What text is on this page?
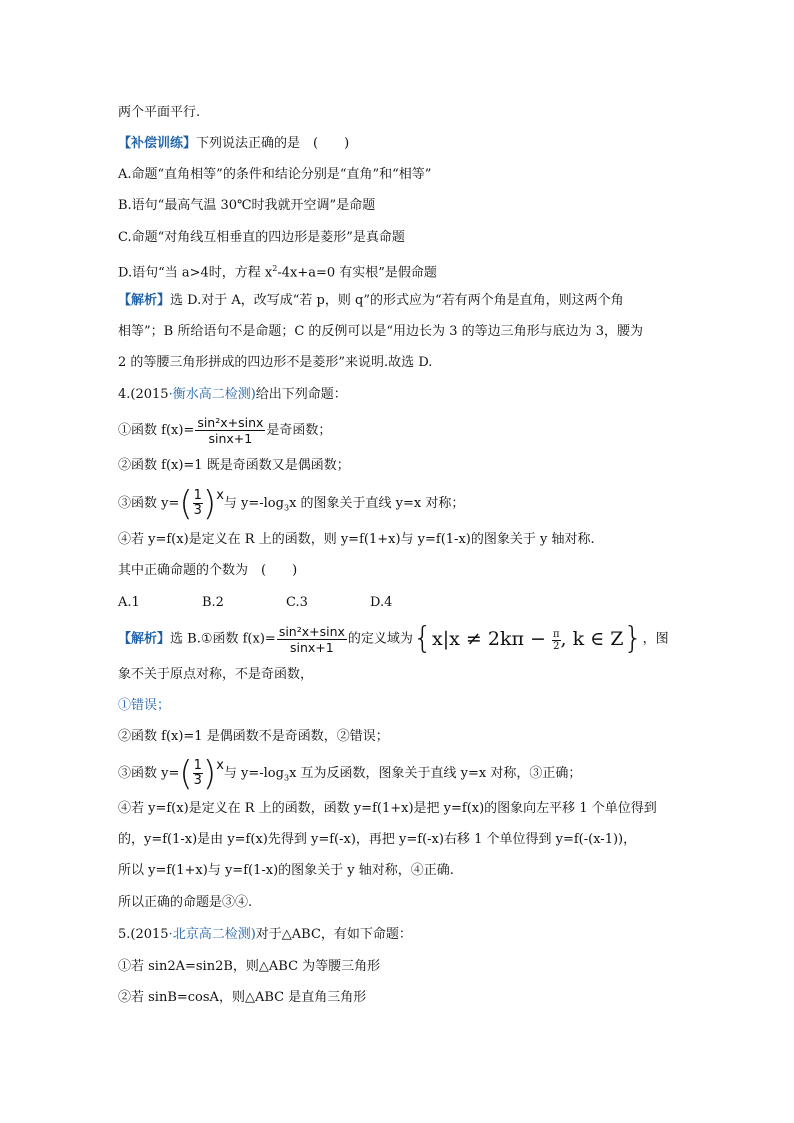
两个平面平行.
【补偿训练】下列说法正确的是　(　　)
A.命题“直角相等”的条件和结论分别是“直角”和“相等”
B.语句“最高气温 30℃时我就开空调”是命题
C.命题“对角线互相垂直的四边形是菱形”是真命题
D.语句“当 a>4时，方程 $x^2-4x+a=0$ 有实根”是假命题
【解析】选 D.对于 A，改写成“若 p，则 q”的形式应为“若有两个角是直角，则这两个角
相等”；B 所给语句不是命题；C 的反例可以是“用边长为 3 的等边三角形与底边为 3，腰为
2 的等腰三角形拼成的四边形不是菱形”来说明.故选 D.
4.(2015·衡水高二检测)给出下列命题：
①函数 $f(x)= \frac{\text{sin²x+sinx}}{\sin x+1}$ 是奇函数；
②函数 f(x)=1 既是奇函数又是偶函数；
③函数 $y=( \frac{1}{3} )x$与 $y=-\log_3x$ 的图象关于直线 y=x 对称；
④若 y=f(x)是定义在 R 上的函数，则 y=f(1+x)与 y=f(1-x)的图象关于 y 轴对称.
其中正确命题的个数为　(　　)
A.1	B.2	C.3	D.4
【解析】选 B.①函数 $f(x)= \frac{\text{sin²x+sinx}}{\sin x+1}$ 的定义域为{$x|x \ne 2k\pi - \frac{\pi}{2}$ , k ∈ Z}，图
象不关于原点对称，不是奇函数，
①错误；
②函数 f(x)=1 是偶函数不是奇函数，②错误；
③函数 $y=( \frac{1}{3} )x$与 $y=-\log_3x$ 互为反函数，图象关于直线 y=x 对称，③正确；
④若 y=f(x)是定义在 R 上的函数，函数 y=f(1+x)是把 y=f(x)的图象向左平移 1 个单位得到
的，y=f(1-x)是由 y=f(x)先得到 y=f(-x)，再把 y=f(-x)右移 1 个单位得到 y=f(-(x-1))，
所以 y=f(1+x)与 y=f(1-x)的图象关于 y 轴对称，④正确.
所以正确的命题是③④.
5.(2015·北京高二检测)对于△ABC，有如下命题：
①若 sin2A=sin2B，则△ABC 为等腰三角形
②若 sinB=cosA，则△ABC 是直角三角形
